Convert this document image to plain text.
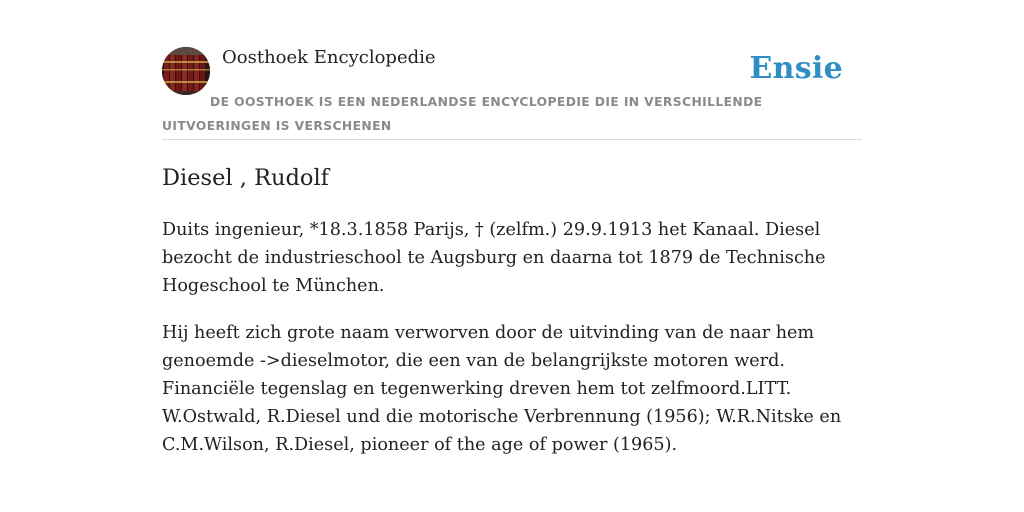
Oosthoek Encyclopedie	Ensie
DE OOSTHOEK IS EEN NEDERLANDSE ENCYCLOPEDIE DIE IN VERSCHILLENDE UITVOERINGEN IS VERSCHENEN
Diesel , Rudolf

Duits ingenieur, *18.3.1858 Parijs, † (zelfm.) 29.9.1913 het Kanaal. Diesel bezocht de industrieschool te Augsburg en daarna tot 1879 de Technische Hogeschool te München.

Hij heeft zich grote naam verworven door de uitvinding van de naar hem genoemde ->dieselmotor, die een van de belangrijkste motoren werd. Financiële tegenslag en tegenwerking dreven hem tot zelfmoord.LITT. W.Ostwald, R.Diesel und die motorische Verbrennung (1956); W.R.Nitske en C.M.Wilson, R.Diesel, pioneer of the age of power (1965).
